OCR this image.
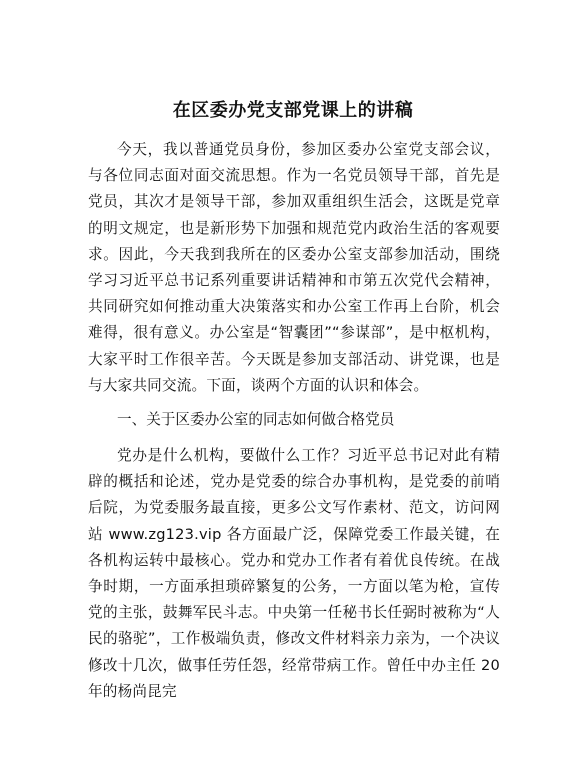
在区委办党支部党课上的讲稿

今天，我以普通党员身份，参加区委办公室党支部会议，与各位同志面对面交流思想。作为一名党员领导干部，首先是党员，其次才是领导干部，参加双重组织生活会，这既是党章的明文规定，也是新形势下加强和规范党内政治生活的客观要求。因此，今天我到我所在的区委办公室支部参加活动，围绕学习习近平总书记系列重要讲话精神和市第五次党代会精神，共同研究如何推动重大决策落实和办公室工作再上台阶，机会难得，很有意义。办公室是“智囊团”“参谋部”，是中枢机构，大家平时工作很辛苦。今天既是参加支部活动、讲党课，也是与大家共同交流。下面，谈两个方面的认识和体会。

一、关于区委办公室的同志如何做合格党员

党办是什么机构，要做什么工作？习近平总书记对此有精辟的概括和论述，党办是党委的综合办事机构，是党委的前哨后院，为党委服务最直接，更多公文写作素材、范文，访问网站 www.zg123.vip 各方面最广泛，保障党委工作最关键，在各机构运转中最核心。党办和党办工作者有着优良传统。在战争时期，一方面承担琐碎繁复的公务，一方面以笔为枪，宣传党的主张，鼓舞军民斗志。中央第一任秘书长任弼时被称为“人民的骆驼”，工作极端负责，修改文件材料亲力亲为，一个决议修改十几次，做事任劳任怨，经常带病工作。曾任中办主任 20 年的杨尚昆完
